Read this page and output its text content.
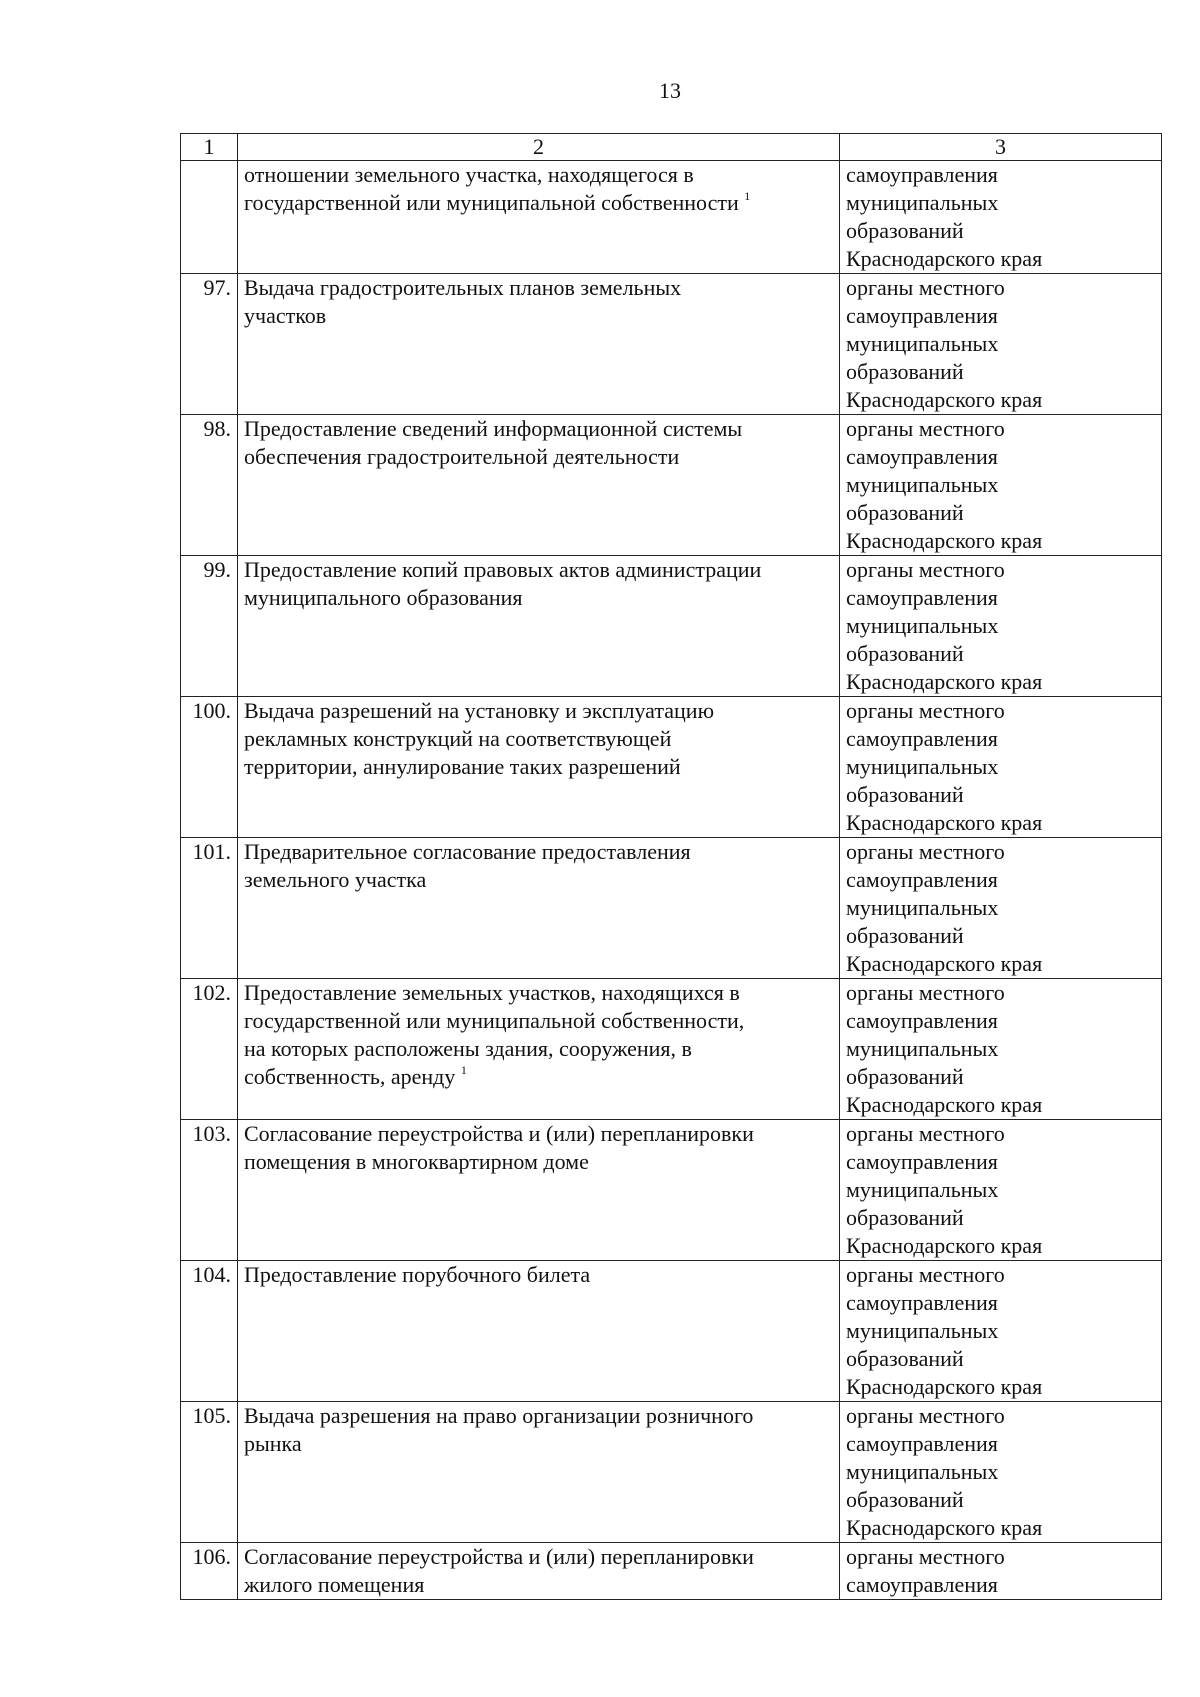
13
1	2	3

	отношении земельного участка, находящегося в
государственной или муниципальной собственности $^1$	самоуправления
муниципальных
образований
Краснодарского края

97.	Выдача градостроительных планов земельных
участков	органы местного
самоуправления
муниципальных
образований
Краснодарского края

98.	Предоставление сведений информационной системы
обеспечения градостроительной деятельности	органы местного
самоуправления
муниципальных
образований
Краснодарского края

99.	Предоставление копий правовых актов администрации
муниципального образования	органы местного
самоуправления
муниципальных
образований
Краснодарского края

100.	Выдача разрешений на установку и эксплуатацию
рекламных конструкций на соответствующей
территории, аннулирование таких разрешений	органы местного
самоуправления
муниципальных
образований
Краснодарского края

101.	Предварительное согласование предоставления
земельного участка	органы местного
самоуправления
муниципальных
образований
Краснодарского края

102.	Предоставление земельных участков, находящихся в
государственной или муниципальной собственности,
на которых расположены здания, сооружения, в
собственность, аренду $^1$	органы местного
самоуправления
муниципальных
образований
Краснодарского края

103.	Согласование переустройства и (или) перепланировки
помещения в многоквартирном доме	органы местного
самоуправления
муниципальных
образований
Краснодарского края

104.	Предоставление порубочного билета	органы местного
самоуправления
муниципальных
образований
Краснодарского края

105.	Выдача разрешения на право организации розничного
рынка	органы местного
самоуправления
муниципальных
образований
Краснодарского края

106.	Согласование переустройства и (или) перепланировки
жилого помещения	органы местного
самоуправления
